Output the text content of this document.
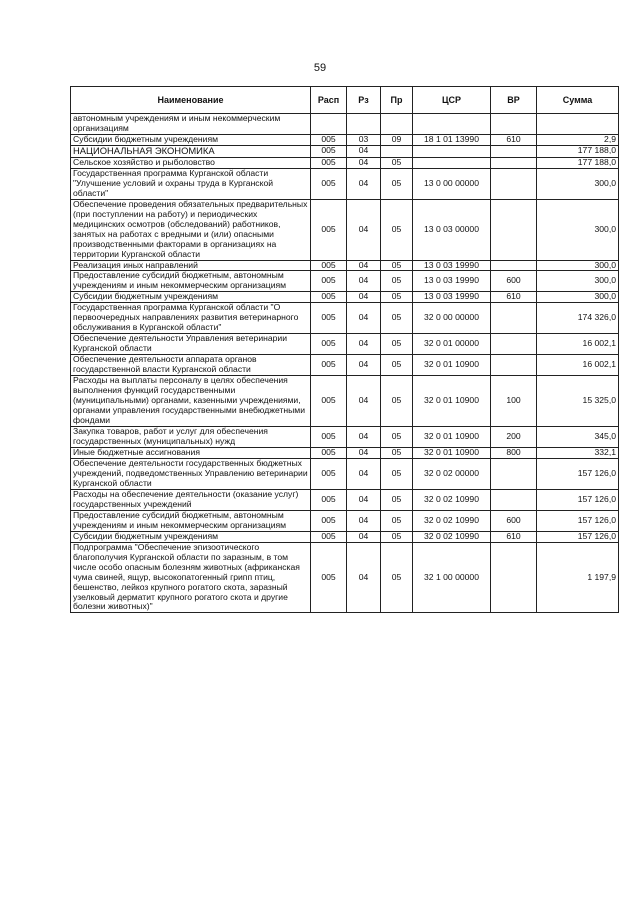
59
Наименование	Расп	Рз	Пр	ЦСР	ВР	Сумма
автономным учреждениям и иным некоммерческим организациям						
Субсидии бюджетным учреждениям	005	03	09	18 1 01 13990	610	2,9
НАЦИОНАЛЬНАЯ ЭКОНОМИКА	005	04				177 188,0
Сельское хозяйство и рыболовство	005	04	05			177 188,0
Государственная программа Курганской области "Улучшение условий и охраны труда в Курганской области"	005	04	05	13 0 00 00000		300,0
Обеспечение проведения обязательных предварительных (при поступлении на работу) и периодических медицинских осмотров (обследований) работников, занятых на работах с вредными и (или) опасными производственными факторами в организациях на территории Курганской области	005	04	05	13 0 03 00000		300,0
Реализация иных направлений	005	04	05	13 0 03 19990		300,0
Предоставление субсидий бюджетным, автономным учреждениям и иным некоммерческим организациям	005	04	05	13 0 03 19990	600	300,0
Субсидии бюджетным учреждениям	005	04	05	13 0 03 19990	610	300,0
Государственная программа Курганской области "О первоочередных направлениях развития ветеринарного обслуживания в Курганской области"	005	04	05	32 0 00 00000		174 326,0
Обеспечение деятельности Управления ветеринарии Курганской области	005	04	05	32 0 01 00000		16 002,1
Обеспечение деятельности аппарата органов государственной власти Курганской области	005	04	05	32 0 01 10900		16 002,1
Расходы на выплаты персоналу в целях обеспечения выполнения функций государственными (муниципальными) органами, казенными учреждениями, органами управления государственными внебюджетными фондами	005	04	05	32 0 01 10900	100	15 325,0
Закупка товаров, работ и услуг для обеспечения государственных (муниципальных) нужд	005	04	05	32 0 01 10900	200	345,0
Иные бюджетные ассигнования	005	04	05	32 0 01 10900	800	332,1
Обеспечение деятельности государственных бюджетных учреждений, подведомственных Управлению ветеринарии Курганской области	005	04	05	32 0 02 00000		157 126,0
Расходы на обеспечение деятельности (оказание услуг) государственных учреждений	005	04	05	32 0 02 10990		157 126,0
Предоставление субсидий бюджетным, автономным учреждениям и иным некоммерческим организациям	005	04	05	32 0 02 10990	600	157 126,0
Субсидии бюджетным учреждениям	005	04	05	32 0 02 10990	610	157 126,0
Подпрограмма "Обеспечение эпизоотического благополучия Курганской области по заразным, в том числе особо опасным болезням животных (африканская чума свиней, ящур, высокопатогенный грипп птиц, бешенство, лейкоз крупного рогатого скота, заразный узелковый дерматит крупного рогатого скота и другие болезни животных)"	005	04	05	32 1 00 00000		1 197,9
